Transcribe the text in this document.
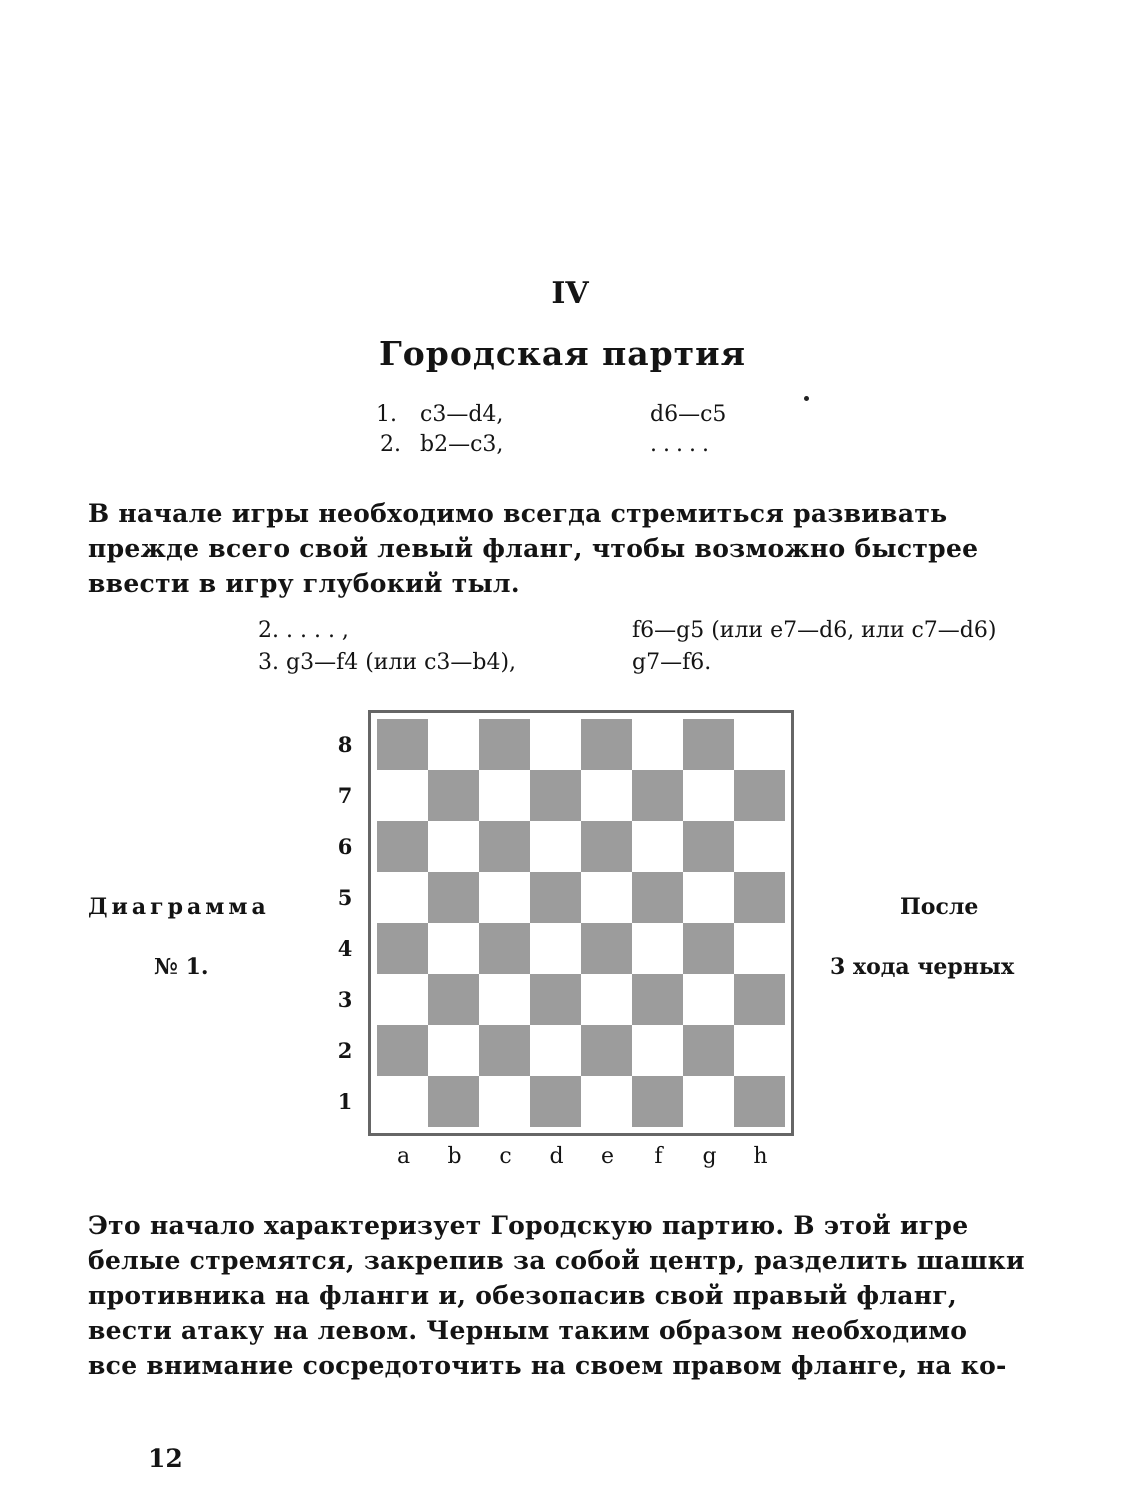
IV
Городская партия
1. c3—d4,	d6—c5
2. b2—c3,	.....
В начале игры необходимо всегда стремиться развивать
прежде всего свой левый фланг, чтобы возможно быстрее
ввести в игру глубокий тыл.
2. . . . . ,	f6—g5 (или e7—d6, или c7—d6)
3. g3—f4 (или c3—b4),	g7—f6.
Диаграмма
№ 1.
После
3 хода черных
8
7
6
5
4
3
2
1
a	b	c	d	e	f	g	h
Это начало характеризует Городскую партию. В этой игре
белые стремятся, закрепив за собой центр, разделить шашки
противника на фланги и, обезопасив свой правый фланг,
вести атаку на левом. Черным таким образом необходимо
все внимание сосредоточить на своем правом фланге, на ко-
12
